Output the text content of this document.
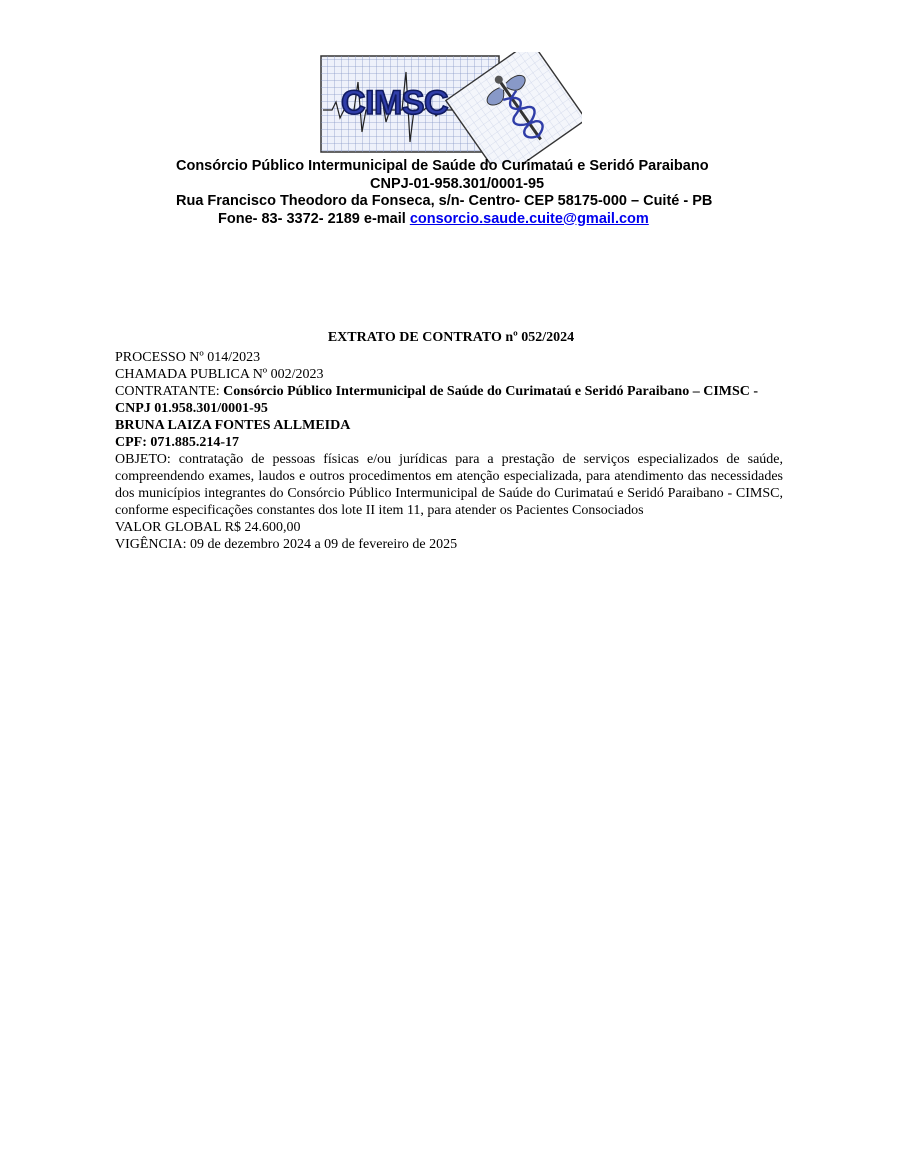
CIMSC
Consórcio Público Intermunicipal de Saúde do Curimataú e Seridó Paraibano
CNPJ-01-958.301/0001-95
Rua Francisco Theodoro da Fonseca, s/n- Centro- CEP 58175-000 – Cuité - PB
Fone- 83- 3372- 2189 e-mail consorcio.saude.cuite@gmail.com
EXTRATO DE CONTRATO nº 052/2024
PROCESSO Nº 014/2023
CHAMADA PUBLICA Nº 002/2023
CONTRATANTE: Consórcio Público Intermunicipal de Saúde do Curimataú e Seridó Paraibano – CIMSC - CNPJ 01.958.301/0001-95
BRUNA LAIZA FONTES ALLMEIDA
CPF: 071.885.214-17
OBJETO: contratação de pessoas físicas e/ou jurídicas para a prestação de serviços especializados de saúde, compreendendo exames, laudos e outros procedimentos em atenção especializada, para atendimento das necessidades dos municípios integrantes do Consórcio Público Intermunicipal de Saúde do Curimataú e Seridó Paraibano - CIMSC, conforme especificações constantes dos lote II item 11, para atender os Pacientes Consociados
VALOR GLOBAL R$ 24.600,00
VIGÊNCIA: 09 de dezembro 2024 a 09 de fevereiro de 2025
